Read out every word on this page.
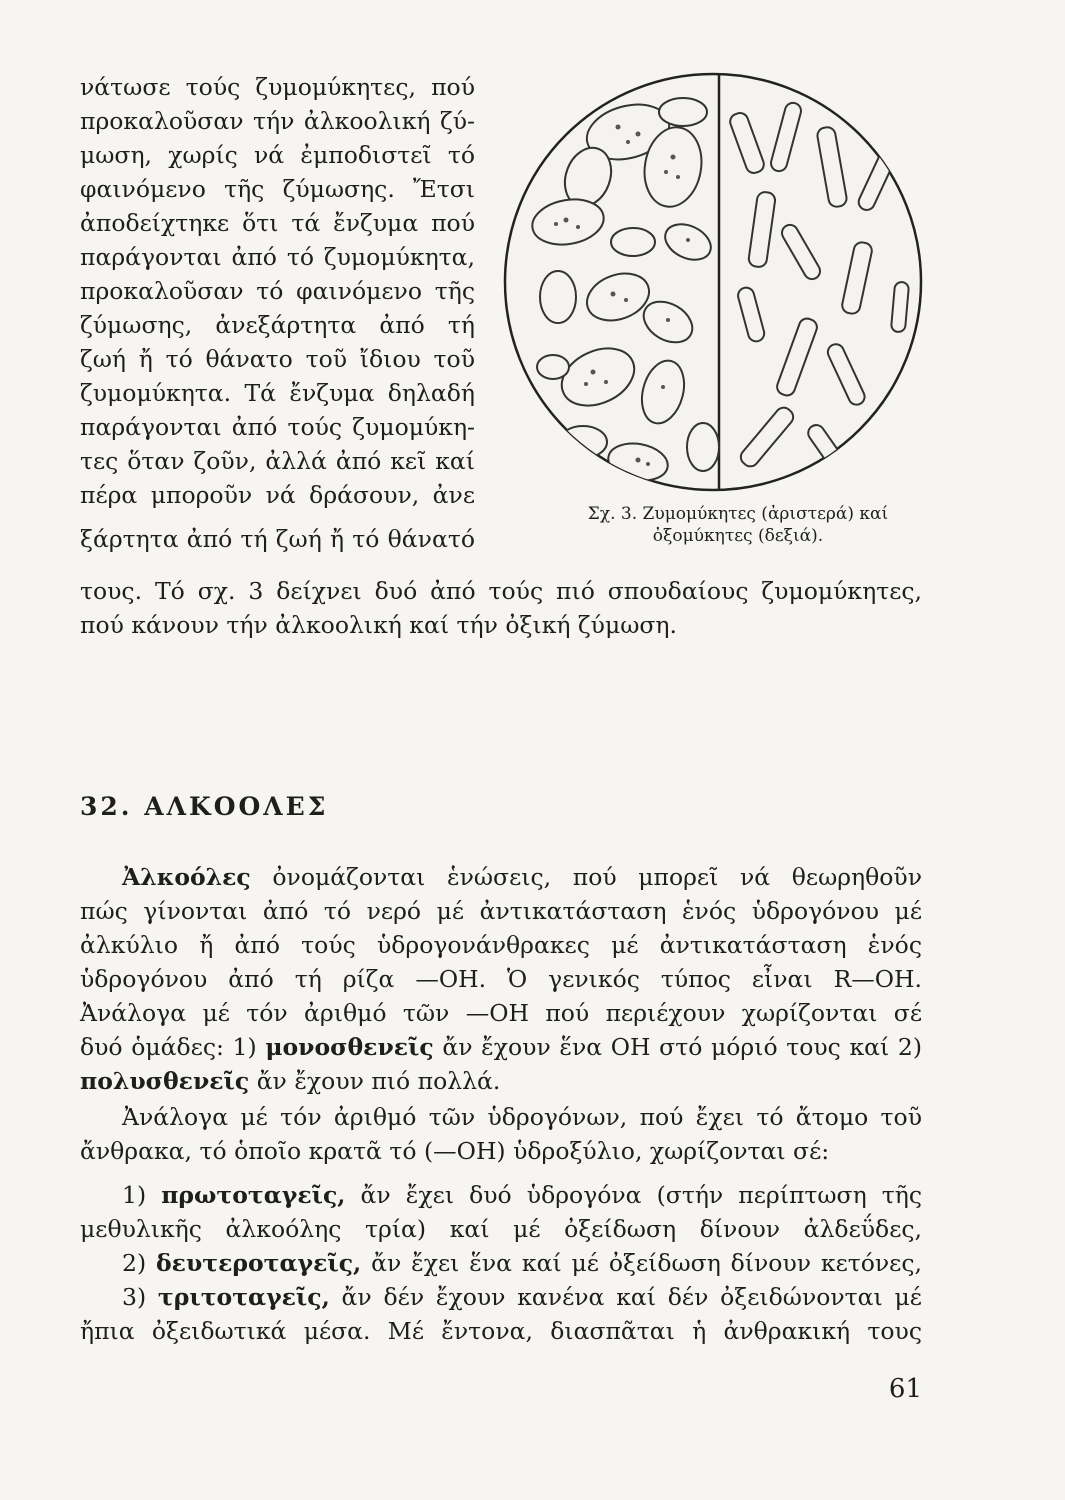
νάτωσε τούς ζυμομύκητες, πού

προκαλοῦσαν τήν ἀλκοολική ζύ-

μωση, χωρίς νά ἐμποδιστεῖ τό

φαινόμενο τῆς ζύμωσης. Ἔτσι

ἀποδείχτηκε ὅτι τά ἔνζυμα πού

παράγονται ἀπό τό ζυμομύκητα,

προκαλοῦσαν τό φαινόμενο τῆς

ζύμωσης, ἀνεξάρτητα ἀπό τή

ζωή ἤ τό θάνατο τοῦ ἴδιου τοῦ

ζυμομύκητα. Τά ἔνζυμα δηλαδή

παράγονται ἀπό τούς ζυμομύκη-

τες ὅταν ζοῦν, ἀλλά ἀπό κεῖ καί

πέρα μποροῦν νά δράσουν, ἀνε

ξάρτητα ἀπό τή ζωή ἤ τό θάνατό

τους. Τό σχ. 3 δείχνει δυό ἀπό τούς πιό σπουδαίους ζυμομύκητες,

πού κάνουν τήν ἀλκοολική καί τήν ὀξική ζύμωση.

Σχ. 3. Ζυμομύκητες (ἀριστερά) καί
ὀξομύκητες (δεξιά).
32. ΑΛΚΟΟΛΕΣ

Ἀλκοόλες ὀνομάζονται ἑνώσεις, πού μπορεῖ νά θεωρηθοῦν

πώς γίνονται ἀπό τό νερό μέ ἀντικατάσταση ἑνός ὑδρογόνου μέ

ἀλκύλιο ἤ ἀπό τούς ὑδρογονάνθρακες μέ ἀντικατάσταση ἑνός

ὑδρογόνου ἀπό τή ρίζα —ΟΗ. Ὁ γενικός τύπος εἶναι R—OH.

Ἀνάλογα μέ τόν ἀριθμό τῶν —ΟΗ πού περιέχουν χωρίζονται σέ

δυό ὁμάδες: 1) μονοσθενεῖς ἄν ἔχουν ἕνα ΟΗ στό μόριό τους καί 2)

πολυσθενεῖς ἄν ἔχουν πιό πολλά.

Ἀνάλογα μέ τόν ἀριθμό τῶν ὑδρογόνων, πού ἔχει τό ἄτομο τοῦ

ἄνθρακα, τό ὁποῖο κρατᾶ τό (—ΟΗ) ὑδροξύλιο, χωρίζονται σέ:

1) πρωτοταγεῖς, ἄν ἔχει δυό ὑδρογόνα (στήν περίπτωση τῆς

μεθυλικῆς ἀλκοόλης τρία) καί μέ ὀξείδωση δίνουν ἀλδεΰδες,

2) δευτεροταγεῖς, ἄν ἔχει ἕνα καί μέ ὀξείδωση δίνουν κετόνες,

3) τριτοταγεῖς, ἄν δέν ἔχουν κανένα καί δέν ὀξειδώνονται μέ

ἤπια ὀξειδωτικά μέσα. Μέ ἔντονα, διασπᾶται ἡ ἀνθρακική τους

61
